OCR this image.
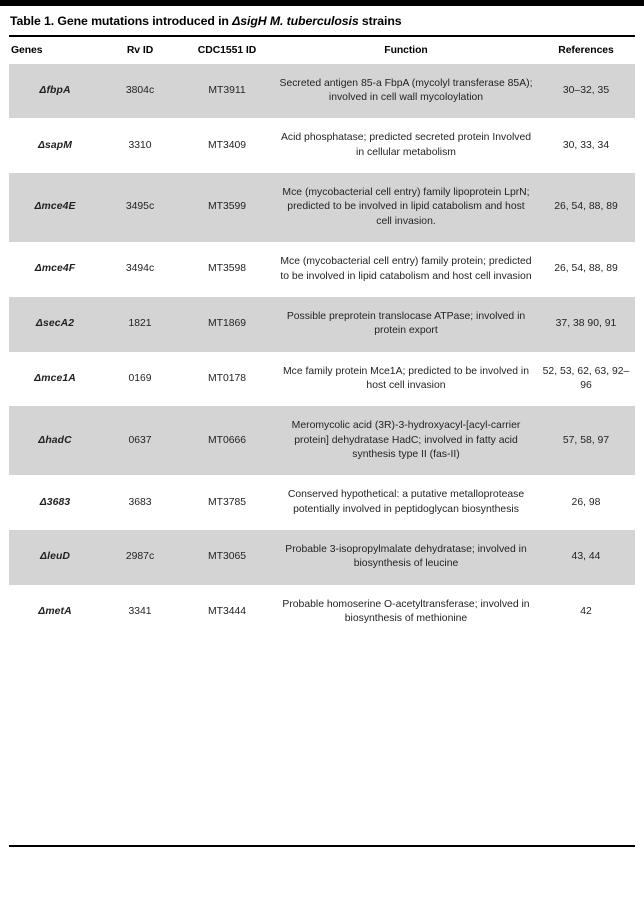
Table 1. Gene mutations introduced in ΔsigH M. tuberculosis strains
Genes	Rv ID	CDC1551 ID	Function	References
ΔfbpA	3804c	MT3911	Secreted antigen 85-a FbpA (mycolyl transferase 85A); involved in cell wall mycoloylation	30–32, 35
ΔsapM	3310	MT3409	Acid phosphatase; predicted secreted protein Involved in cellular metabolism	30, 33, 34
Δmce4E	3495c	MT3599	Mce (mycobacterial cell entry) family lipoprotein LprN; predicted to be involved in lipid catabolism and host cell invasion.	26, 54, 88, 89
Δmce4F	3494c	MT3598	Mce (mycobacterial cell entry) family protein; predicted to be involved in lipid catabolism and host cell invasion	26, 54, 88, 89
ΔsecA2	1821	MT1869	Possible preprotein translocase ATPase; involved in protein export	37, 38 90, 91
Δmce1A	0169	MT0178	Mce family protein Mce1A; predicted to be involved in host cell invasion	52, 53, 62, 63, 92–96
ΔhadC	0637	MT0666	Meromycolic acid (3R)-3-hydroxyacyl-[acyl-carrier protein] dehydratase HadC; involved in fatty acid synthesis type II (fas-II)	57, 58, 97
Δ3683	3683	MT3785	Conserved hypothetical: a putative metalloprotease potentially involved in peptidoglycan biosynthesis	26, 98
ΔleuD	2987c	MT3065	Probable 3-isopropylmalate dehydratase; involved in biosynthesis of leucine	43, 44
ΔmetA	3341	MT3444	Probable homoserine O-acetyltransferase; involved in biosynthesis of methionine	42
